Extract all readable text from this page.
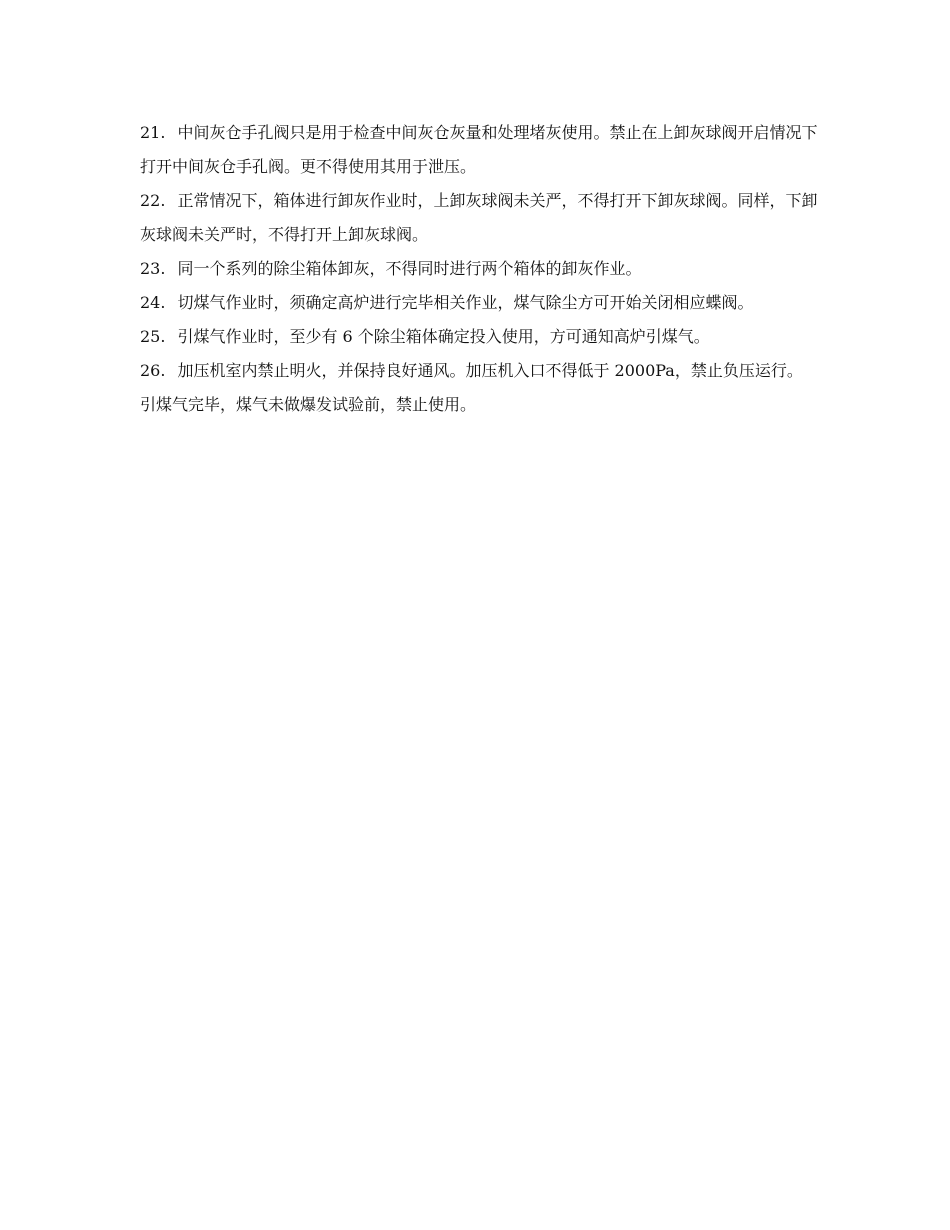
21. 中间灰仓手孔阀只是用于检查中间灰仓灰量和处理堵灰使用。禁止在上卸灰球阀开启情况下打开中间灰仓手孔阀。更不得使用其用于泄压。

22. 正常情况下，箱体进行卸灰作业时，上卸灰球阀未关严，不得打开下卸灰球阀。同样，下卸灰球阀未关严时，不得打开上卸灰球阀。

23. 同一个系列的除尘箱体卸灰，不得同时进行两个箱体的卸灰作业。

24. 切煤气作业时，须确定高炉进行完毕相关作业，煤气除尘方可开始关闭相应蝶阀。

25. 引煤气作业时，至少有 6 个除尘箱体确定投入使用，方可通知高炉引煤气。

26. 加压机室内禁止明火，并保持良好通风。加压机入口不得低于 2000Pa，禁止负压运行。

引煤气完毕，煤气未做爆发试验前，禁止使用。
